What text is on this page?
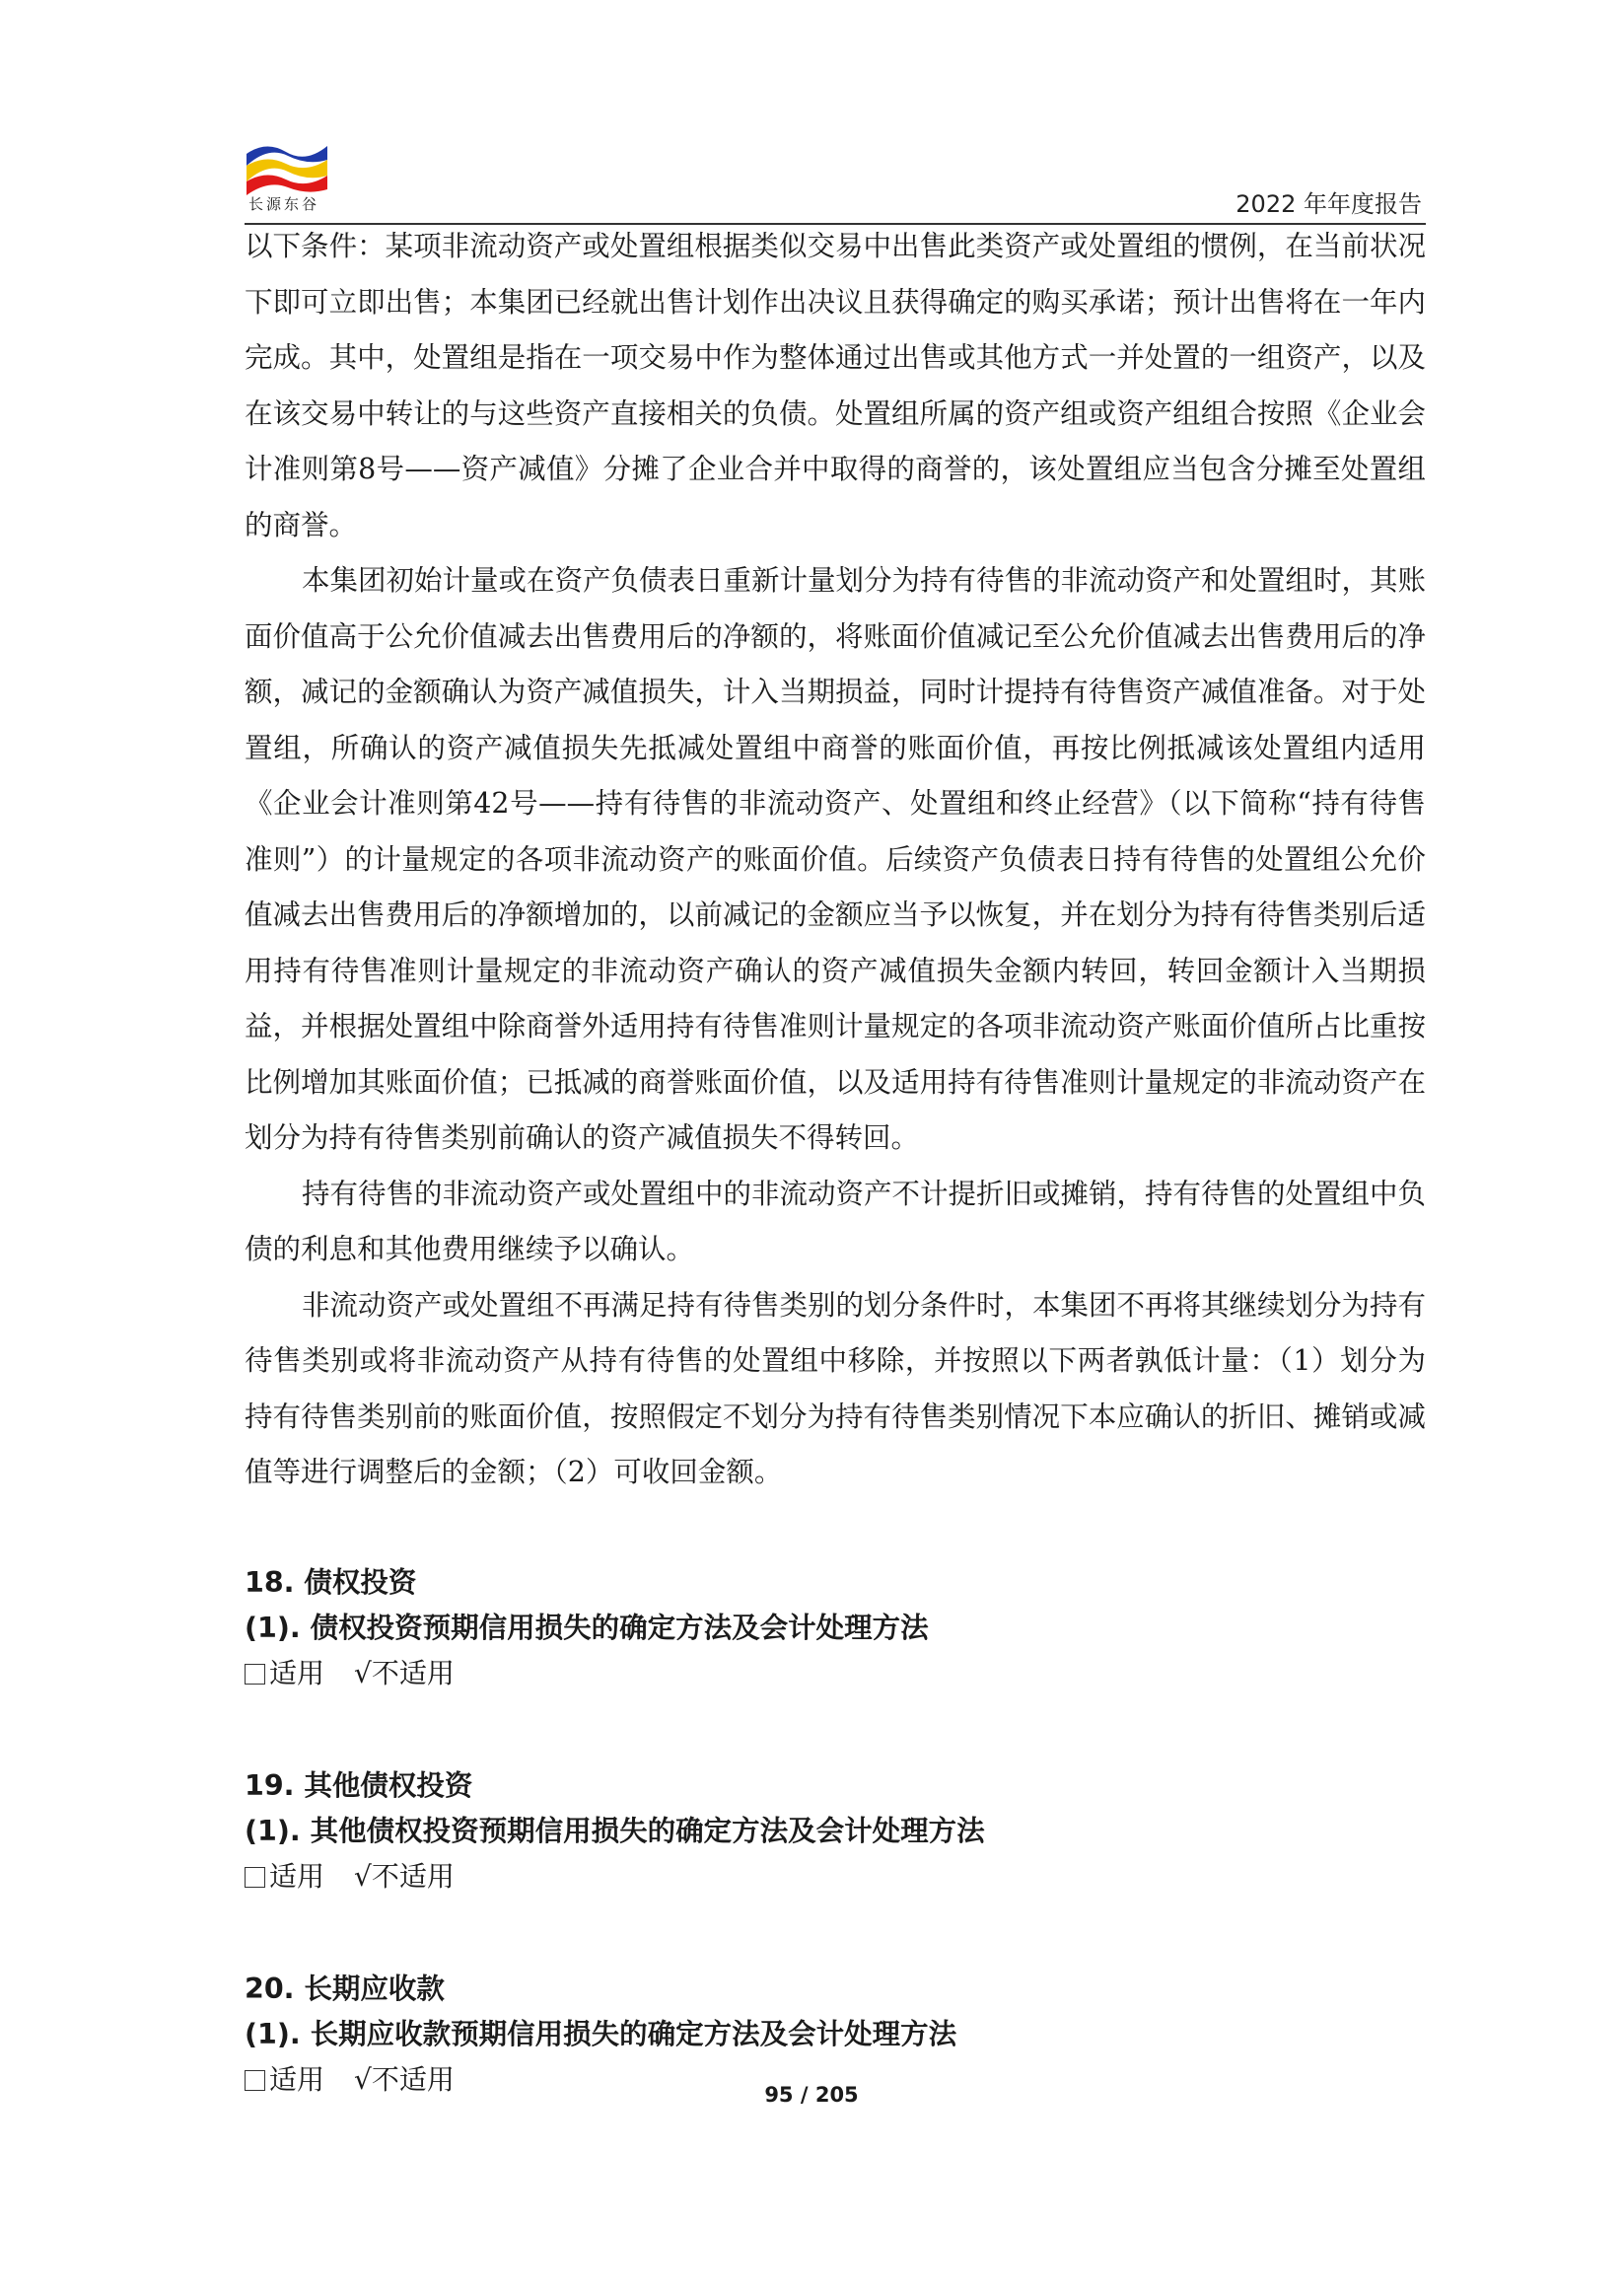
长源东谷	2022 年年度报告

以下条件：某项非流动资产或处置组根据类似交易中出售此类资产或处置组的惯例，在当前状况下即可立即出售；本集团已经就出售计划作出决议且获得确定的购买承诺；预计出售将在一年内完成。其中，处置组是指在一项交易中作为整体通过出售或其他方式一并处置的一组资产，以及在该交易中转让的与这些资产直接相关的负债。处置组所属的资产组或资产组组合按照《企业会计准则第8号——资产减值》分摊了企业合并中取得的商誉的，该处置组应当包含分摊至处置组的商誉。

本集团初始计量或在资产负债表日重新计量划分为持有待售的非流动资产和处置组时，其账面价值高于公允价值减去出售费用后的净额的，将账面价值减记至公允价值减去出售费用后的净额，减记的金额确认为资产减值损失，计入当期损益，同时计提持有待售资产减值准备。对于处置组，所确认的资产减值损失先抵减处置组中商誉的账面价值，再按比例抵减该处置组内适用《企业会计准则第42号——持有待售的非流动资产、处置组和终止经营》（以下简称“持有待售准则”）的计量规定的各项非流动资产的账面价值。后续资产负债表日持有待售的处置组公允价值减去出售费用后的净额增加的，以前减记的金额应当予以恢复，并在划分为持有待售类别后适用持有待售准则计量规定的非流动资产确认的资产减值损失金额内转回，转回金额计入当期损益，并根据处置组中除商誉外适用持有待售准则计量规定的各项非流动资产账面价值所占比重按比例增加其账面价值；已抵减的商誉账面价值，以及适用持有待售准则计量规定的非流动资产在划分为持有待售类别前确认的资产减值损失不得转回。

持有待售的非流动资产或处置组中的非流动资产不计提折旧或摊销，持有待售的处置组中负债的利息和其他费用继续予以确认。

非流动资产或处置组不再满足持有待售类别的划分条件时，本集团不再将其继续划分为持有待售类别或将非流动资产从持有待售的处置组中移除，并按照以下两者孰低计量：（1）划分为持有待售类别前的账面价值，按照假定不划分为持有待售类别情况下本应确认的折旧、摊销或减值等进行调整后的金额；（2）可收回金额。

18. 债权投资
(1). 债权投资预期信用损失的确定方法及会计处理方法
适用 √不适用
19. 其他债权投资
(1). 其他债权投资预期信用损失的确定方法及会计处理方法
适用 √不适用
20. 长期应收款
(1). 长期应收款预期信用损失的确定方法及会计处理方法
适用 √不适用	95 / 205
